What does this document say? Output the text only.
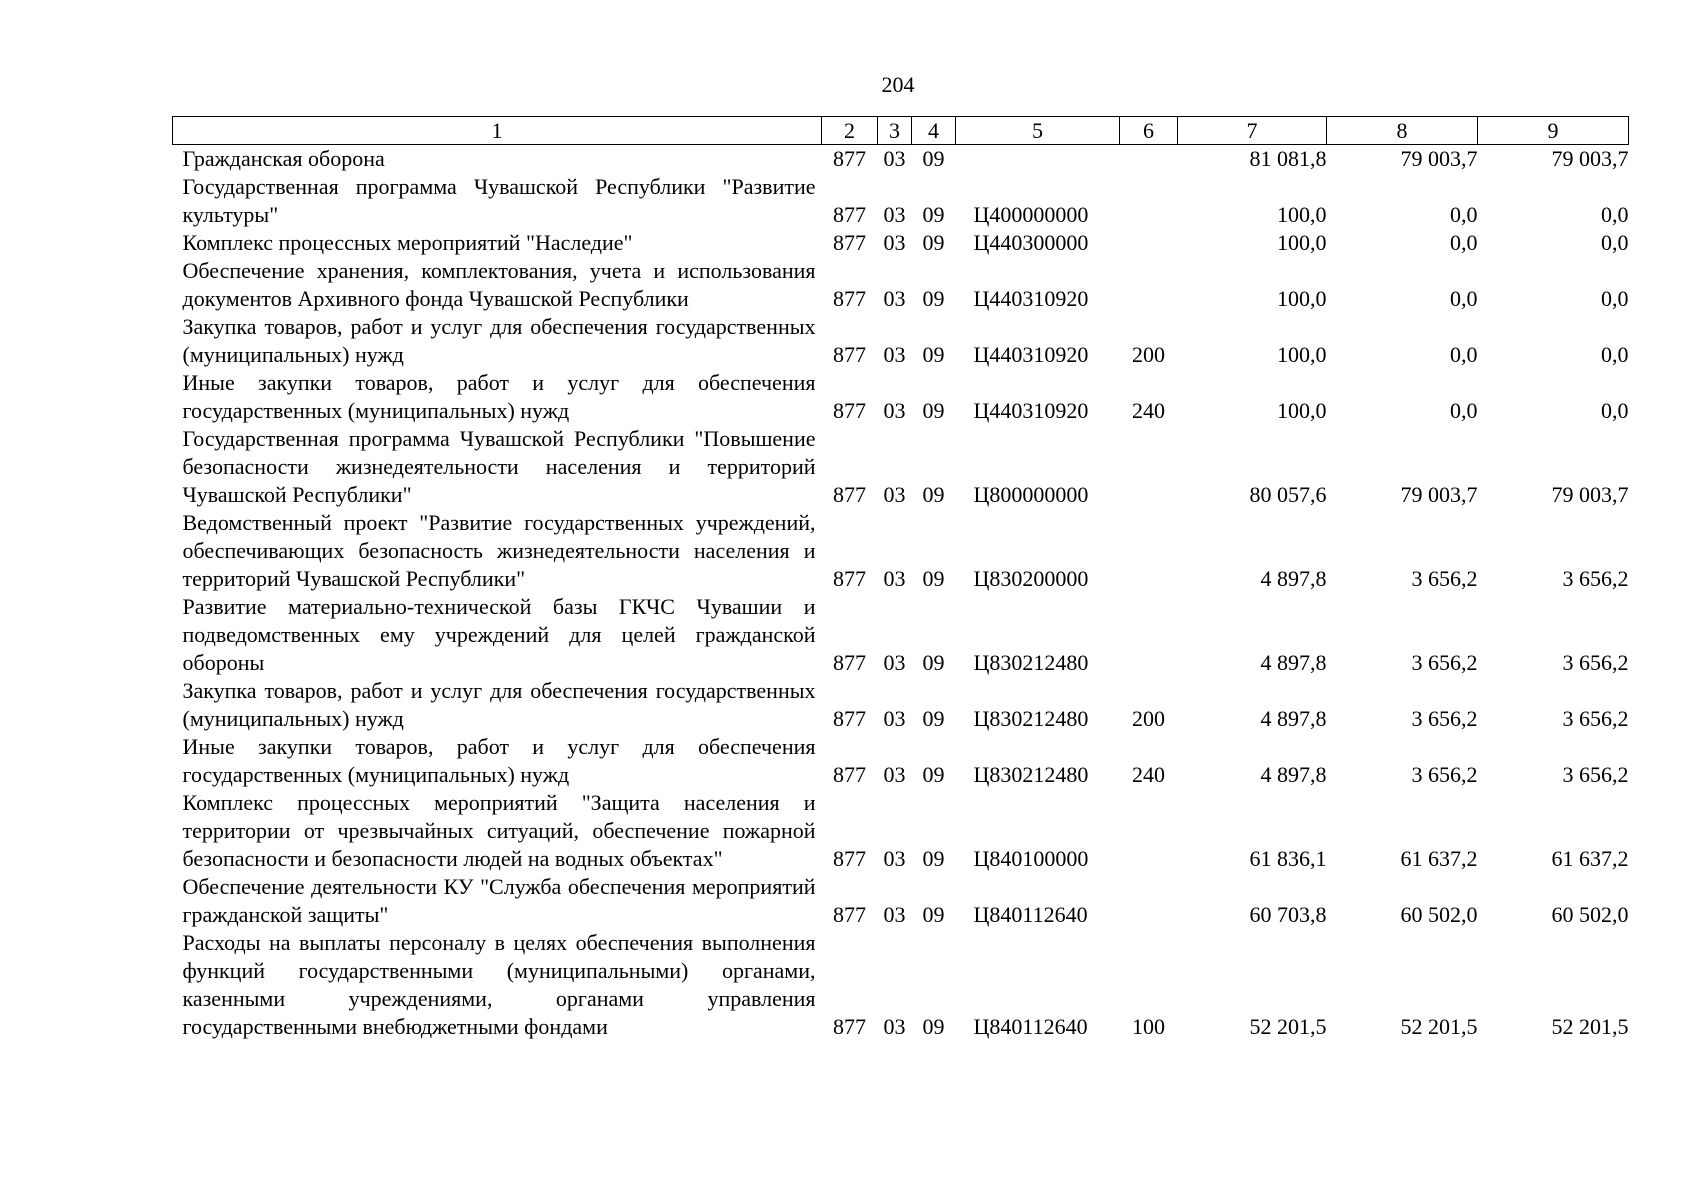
204
1	2	3	4	5	6	7	8	9
Гражданская оборона	877	03	09			81 081,8	79 003,7	79 003,7
Государственная программа Чувашской Республики "Развитие культуры"	877	03	09	Ц400000000		100,0	0,0	0,0
Комплекс процессных мероприятий "Наследие"	877	03	09	Ц440300000		100,0	0,0	0,0
Обеспечение хранения, комплектования, учета и использования документов Архивного фонда Чувашской Республики	877	03	09	Ц440310920		100,0	0,0	0,0
Закупка товаров, работ и услуг для обеспечения государственных (муниципальных) нужд	877	03	09	Ц440310920	200	100,0	0,0	0,0
Иные закупки товаров, работ и услуг для обеспечения государственных (муниципальных) нужд	877	03	09	Ц440310920	240	100,0	0,0	0,0
Государственная программа Чувашской Республики "Повышение безопасности жизнедеятельности населения и территорий Чувашской Республики"	877	03	09	Ц800000000		80 057,6	79 003,7	79 003,7
Ведомственный проект "Развитие государственных учреждений, обеспечивающих безопасность жизнедеятельности населения и территорий Чувашской Республики"	877	03	09	Ц830200000		4 897,8	3 656,2	3 656,2
Развитие материально-технической базы ГКЧС Чувашии и подведомственных ему учреждений для целей гражданской обороны	877	03	09	Ц830212480		4 897,8	3 656,2	3 656,2
Закупка товаров, работ и услуг для обеспечения государственных (муниципальных) нужд	877	03	09	Ц830212480	200	4 897,8	3 656,2	3 656,2
Иные закупки товаров, работ и услуг для обеспечения государственных (муниципальных) нужд	877	03	09	Ц830212480	240	4 897,8	3 656,2	3 656,2
Комплекс процессных мероприятий "Защита населения и территории от чрезвычайных ситуаций, обеспечение пожарной безопасности и безопасности людей на водных объектах"	877	03	09	Ц840100000		61 836,1	61 637,2	61 637,2
Обеспечение деятельности КУ "Служба обеспечения мероприятий гражданской защиты"	877	03	09	Ц840112640		60 703,8	60 502,0	60 502,0
Расходы на выплаты персоналу в целях обеспечения выполнения функций государственными (муниципальными) органами, казенными учреждениями, органами управления государственными внебюджетными фондами	877	03	09	Ц840112640	100	52 201,5	52 201,5	52 201,5
